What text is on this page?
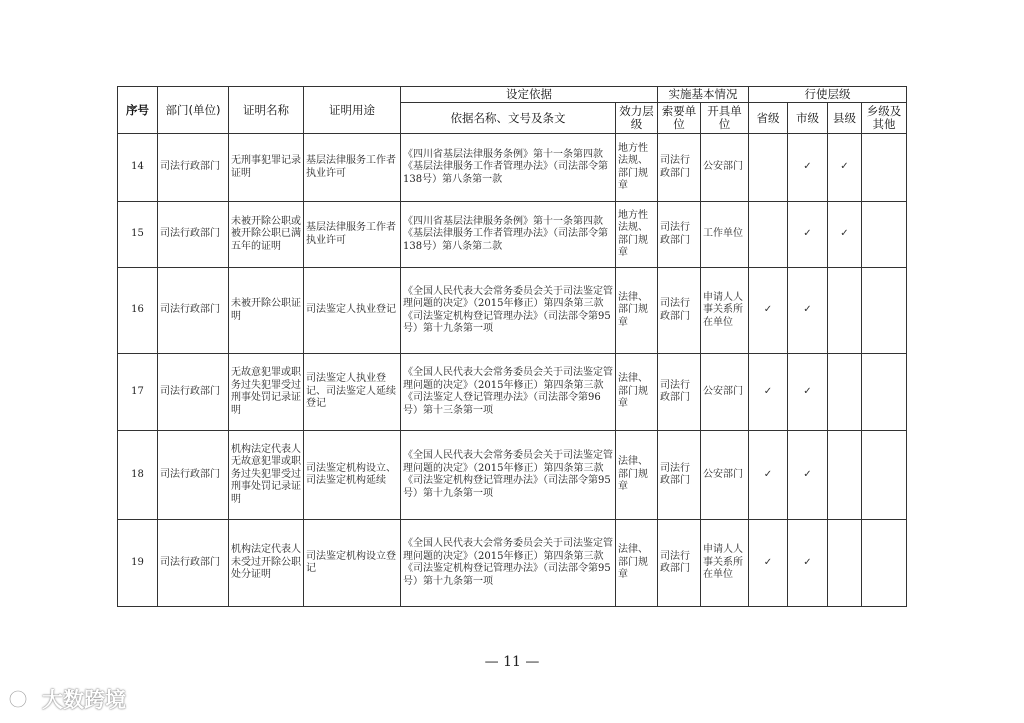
序号	部门(单位)	证明名称	证明用途	设定依据		实施基本情况		行使层级			
				依据名称、文号及条文	效力层级	索要单位	开具单位	省级	市级	县级	乡级及其他
14	司法行政部门	无刑事犯罪记录证明	基层法律服务工作者执业许可	《四川省基层法律服务条例》第十一条第四款
《基层法律服务工作者管理办法》（司法部令第138号）第八条第一款	地方性法规、部门规章	司法行政部门	公安部门		✓	✓	
15	司法行政部门	未被开除公职或被开除公职已满五年的证明	基层法律服务工作者执业许可	《四川省基层法律服务条例》第十一条第四款
《基层法律服务工作者管理办法》（司法部令第138号）第八条第二款	地方性法规、部门规章	司法行政部门	工作单位		✓	✓	
16	司法行政部门	未被开除公职证明	司法鉴定人执业登记	《全国人民代表大会常务委员会关于司法鉴定管理问题的决定》（2015年修正）第四条第三款
《司法鉴定机构登记管理办法》（司法部令第95号）第十九条第一项	法律、部门规章	司法行政部门	申请人人事关系所在单位	✓	✓		
17	司法行政部门	无故意犯罪或职务过失犯罪受过刑事处罚记录证明	司法鉴定人执业登记、司法鉴定人延续登记	《全国人民代表大会常务委员会关于司法鉴定管理问题的决定》（2015年修正）第四条第三款
《司法鉴定人登记管理办法》（司法部令第96号）第十三条第一项	法律、部门规章	司法行政部门	公安部门	✓	✓		
18	司法行政部门	机构法定代表人无故意犯罪或职务过失犯罪受过刑事处罚记录证明	司法鉴定机构设立、司法鉴定机构延续	《全国人民代表大会常务委员会关于司法鉴定管理问题的决定》（2015年修正）第四条第三款
《司法鉴定机构登记管理办法》（司法部令第95号）第十九条第一项	法律、部门规章	司法行政部门	公安部门	✓	✓		
19	司法行政部门	机构法定代表人未受过开除公职处分证明	司法鉴定机构设立登记	《全国人民代表大会常务委员会关于司法鉴定管理问题的决定》（2015年修正）第四条第三款
《司法鉴定机构登记管理办法》（司法部令第95号）第十九条第一项	法律、部门规章	司法行政部门	申请人人事关系所在单位	✓	✓		
— 11 —
大数跨境
